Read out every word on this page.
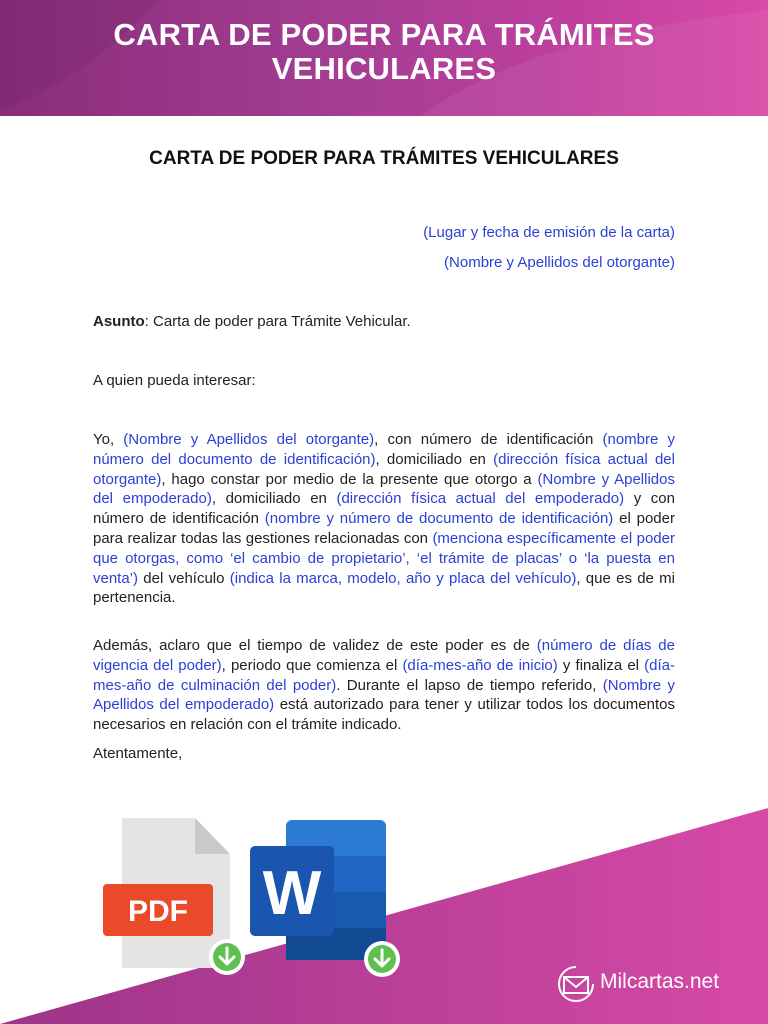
CARTA DE PODER PARA TRÁMITES
VEHICULARES
CARTA DE PODER PARA TRÁMITES VEHICULARES
(Lugar y fecha de emisión de la carta)
(Nombre y Apellidos del otorgante)
Asunto: Carta de poder para Trámite Vehicular.
A quien pueda interesar:
Yo, (Nombre y Apellidos del otorgante), con número de identificación (nombre y número del documento de identificación), domiciliado en (dirección física actual del otorgante), hago constar por medio de la presente que otorgo a (Nombre y Apellidos del empoderado), domiciliado en (dirección física actual del empoderado) y con número de identificación (nombre y número de documento de identificación) el poder para realizar todas las gestiones relacionadas con (menciona específicamente el poder que otorgas, como ‘el cambio de propietario’, ‘el trámite de placas’ o ‘la puesta en venta’) del vehículo (indica la marca, modelo, año y placa del vehículo), que es de mi pertenencia.
Además, aclaro que el tiempo de validez de este poder es de (número de días de vigencia del poder), periodo que comienza el (día-mes-año de inicio) y finaliza el (día-mes-año de culminación del poder). Durante el lapso de tiempo referido, (Nombre y Apellidos del empoderado) está autorizado para tener y utilizar todos los documentos necesarios en relación con el trámite indicado.
Atentamente,
PDF W
Milcartas.net
